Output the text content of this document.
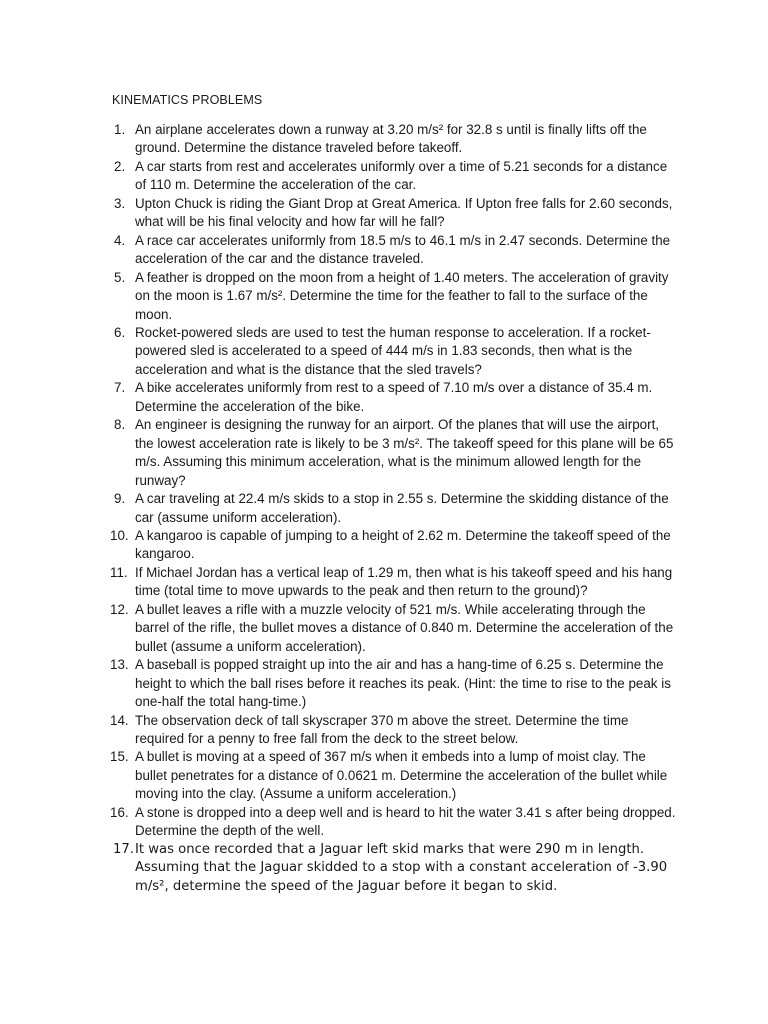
KINEMATICS PROBLEMS
1. An airplane accelerates down a runway at 3.20 m/s² for 32.8 s until is finally lifts off the ground. Determine the distance traveled before takeoff.
2. A car starts from rest and accelerates uniformly over a time of 5.21 seconds for a distance of 110 m. Determine the acceleration of the car.
3. Upton Chuck is riding the Giant Drop at Great America. If Upton free falls for 2.60 seconds, what will be his final velocity and how far will he fall?
4. A race car accelerates uniformly from 18.5 m/s to 46.1 m/s in 2.47 seconds. Determine the acceleration of the car and the distance traveled.
5. A feather is dropped on the moon from a height of 1.40 meters. The acceleration of gravity on the moon is 1.67 m/s². Determine the time for the feather to fall to the surface of the moon.
6. Rocket-powered sleds are used to test the human response to acceleration. If a rocket-powered sled is accelerated to a speed of 444 m/s in 1.83 seconds, then what is the acceleration and what is the distance that the sled travels?
7. A bike accelerates uniformly from rest to a speed of 7.10 m/s over a distance of 35.4 m. Determine the acceleration of the bike.
8. An engineer is designing the runway for an airport. Of the planes that will use the airport, the lowest acceleration rate is likely to be 3 m/s². The takeoff speed for this plane will be 65 m/s. Assuming this minimum acceleration, what is the minimum allowed length for the runway?
9. A car traveling at 22.4 m/s skids to a stop in 2.55 s. Determine the skidding distance of the car (assume uniform acceleration).
10. A kangaroo is capable of jumping to a height of 2.62 m. Determine the takeoff speed of the kangaroo.
11. If Michael Jordan has a vertical leap of 1.29 m, then what is his takeoff speed and his hang time (total time to move upwards to the peak and then return to the ground)?
12. A bullet leaves a rifle with a muzzle velocity of 521 m/s. While accelerating through the barrel of the rifle, the bullet moves a distance of 0.840 m. Determine the acceleration of the bullet (assume a uniform acceleration).
13. A baseball is popped straight up into the air and has a hang-time of 6.25 s. Determine the height to which the ball rises before it reaches its peak. (Hint: the time to rise to the peak is one-half the total hang-time.)
14. The observation deck of tall skyscraper 370 m above the street. Determine the time required for a penny to free fall from the deck to the street below.
15. A bullet is moving at a speed of 367 m/s when it embeds into a lump of moist clay. The bullet penetrates for a distance of 0.0621 m. Determine the acceleration of the bullet while moving into the clay. (Assume a uniform acceleration.)
16. A stone is dropped into a deep well and is heard to hit the water 3.41 s after being dropped. Determine the depth of the well.
17. It was once recorded that a Jaguar left skid marks that were 290 m in length. Assuming that the Jaguar skidded to a stop with a constant acceleration of -3.90 m/s², determine the speed of the Jaguar before it began to skid.
